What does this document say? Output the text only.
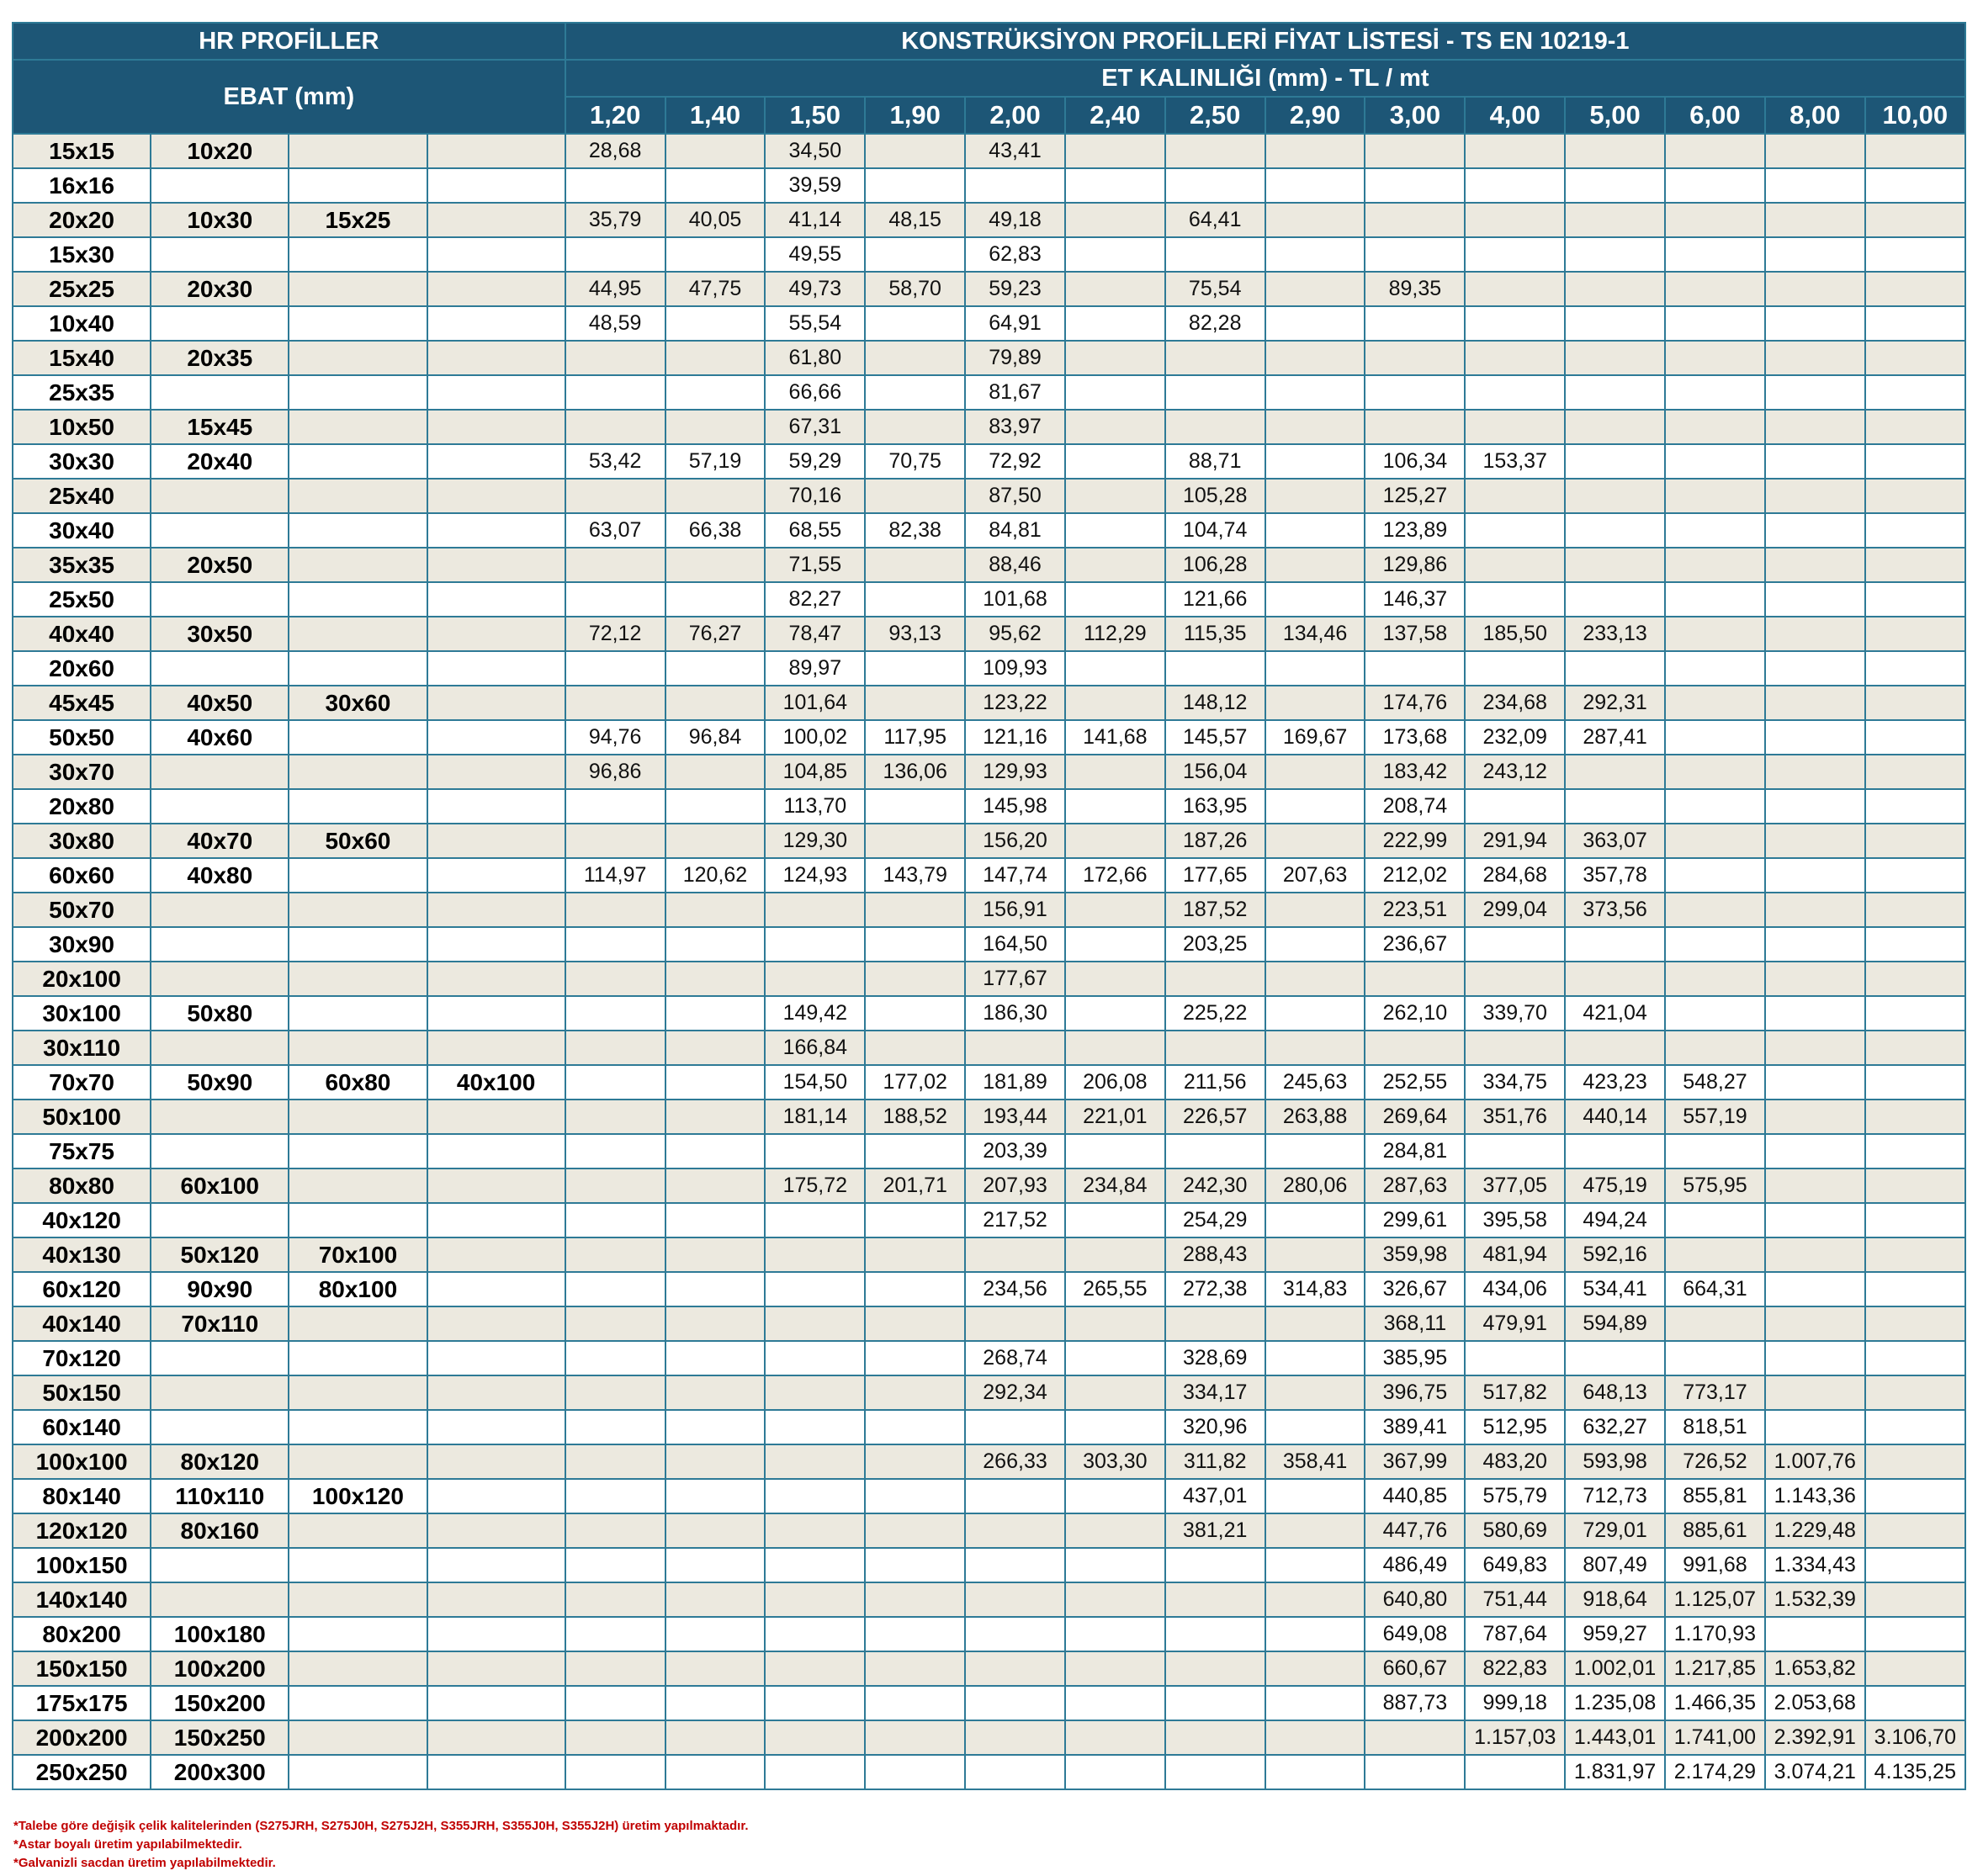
HR PROFİLLER				KONSTRÜKSİYON PROFİLLERİ FİYAT LİSTESİ - TS EN 10219-1													
EBAT (mm)				ET KALINLIĞI (mm) - TL / mt													
				1,20	1,40	1,50	1,90	2,00	2,40	2,50	2,90	3,00	4,00	5,00	6,00	8,00	10,00
15x15	10x20			28,68		34,50		43,41									
16x16						39,59											
20x20	10x30	15x25		35,79	40,05	41,14	48,15	49,18		64,41							
15x30						49,55		62,83									
25x25	20x30			44,95	47,75	49,73	58,70	59,23		75,54		89,35					
10x40				48,59		55,54		64,91		82,28							
15x40	20x35					61,80		79,89									
25x35						66,66		81,67									
10x50	15x45					67,31		83,97									
30x30	20x40			53,42	57,19	59,29	70,75	72,92		88,71		106,34	153,37				
25x40						70,16		87,50		105,28		125,27					
30x40				63,07	66,38	68,55	82,38	84,81		104,74		123,89					
35x35	20x50					71,55		88,46		106,28		129,86					
25x50						82,27		101,68		121,66		146,37					
40x40	30x50			72,12	76,27	78,47	93,13	95,62	112,29	115,35	134,46	137,58	185,50	233,13			
20x60						89,97		109,93									
45x45	40x50	30x60				101,64		123,22		148,12		174,76	234,68	292,31			
50x50	40x60			94,76	96,84	100,02	117,95	121,16	141,68	145,57	169,67	173,68	232,09	287,41			
30x70				96,86		104,85	136,06	129,93		156,04		183,42	243,12				
20x80						113,70		145,98		163,95		208,74					
30x80	40x70	50x60				129,30		156,20		187,26		222,99	291,94	363,07			
60x60	40x80			114,97	120,62	124,93	143,79	147,74	172,66	177,65	207,63	212,02	284,68	357,78			
50x70								156,91		187,52		223,51	299,04	373,56			
30x90								164,50		203,25		236,67					
20x100								177,67									
30x100	50x80					149,42		186,30		225,22		262,10	339,70	421,04			
30x110						166,84											
70x70	50x90	60x80	40x100			154,50	177,02	181,89	206,08	211,56	245,63	252,55	334,75	423,23	548,27		
50x100						181,14	188,52	193,44	221,01	226,57	263,88	269,64	351,76	440,14	557,19		
75x75								203,39				284,81					
80x80	60x100					175,72	201,71	207,93	234,84	242,30	280,06	287,63	377,05	475,19	575,95		
40x120								217,52		254,29		299,61	395,58	494,24			
40x130	50x120	70x100								288,43		359,98	481,94	592,16			
60x120	90x90	80x100						234,56	265,55	272,38	314,83	326,67	434,06	534,41	664,31		
40x140	70x110											368,11	479,91	594,89			
70x120								268,74		328,69		385,95					
50x150								292,34		334,17		396,75	517,82	648,13	773,17		
60x140										320,96		389,41	512,95	632,27	818,51		
100x100	80x120							266,33	303,30	311,82	358,41	367,99	483,20	593,98	726,52	1.007,76	
80x140	110x110	100x120								437,01		440,85	575,79	712,73	855,81	1.143,36	
120x120	80x160									381,21		447,76	580,69	729,01	885,61	1.229,48	
100x150												486,49	649,83	807,49	991,68	1.334,43	
140x140												640,80	751,44	918,64	1.125,07	1.532,39	
80x200	100x180											649,08	787,64	959,27	1.170,93		
150x150	100x200											660,67	822,83	1.002,01	1.217,85	1.653,82	
175x175	150x200											887,73	999,18	1.235,08	1.466,35	2.053,68	
200x200	150x250												1.157,03	1.443,01	1.741,00	2.392,91	3.106,70
250x250	200x300													1.831,97	2.174,29	3.074,21	4.135,25
*Talebe göre değişik çelik kalitelerinden (S275JRH, S275J0H, S275J2H, S355JRH, S355J0H, S355J2H) üretim yapılmaktadır.
*Astar boyalı üretim yapılabilmektedir.
*Galvanizli sacdan üretim yapılabilmektedir.
